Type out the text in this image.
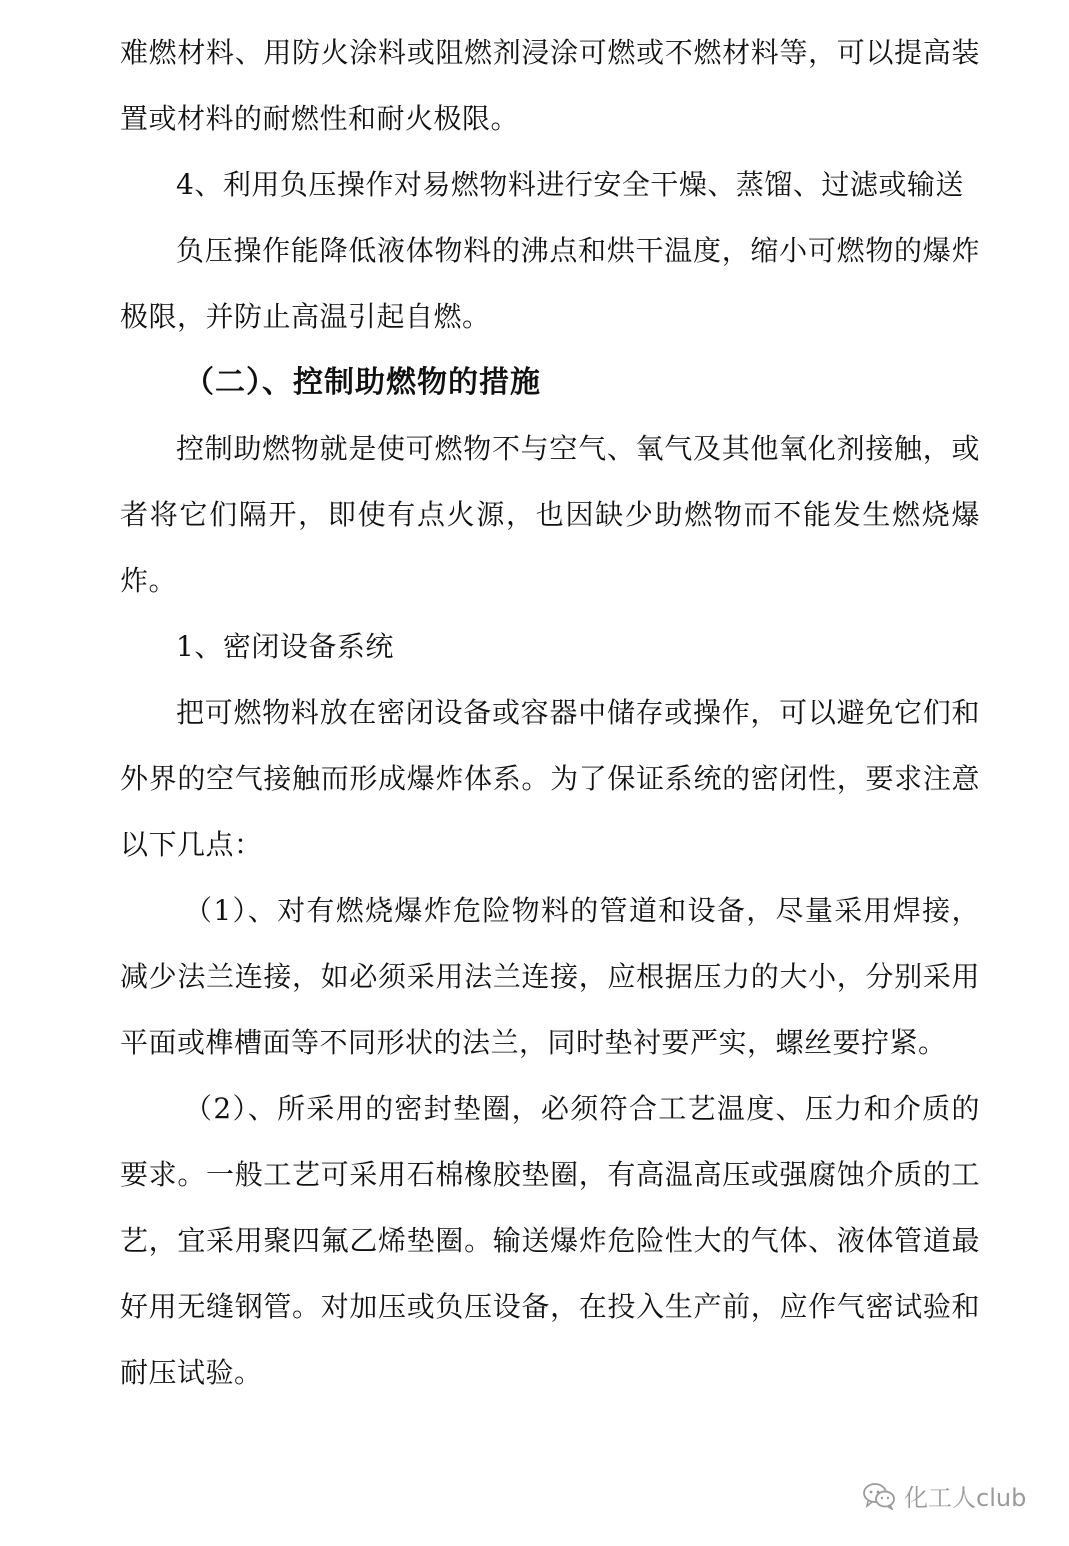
难燃材料、用防火涂料或阻燃剂浸涂可燃或不燃材料等，可以提高装置或材料的耐燃性和耐火极限。

4、利用负压操作对易燃物料进行安全干燥、蒸馏、过滤或输送

负压操作能降低液体物料的沸点和烘干温度，缩小可燃物的爆炸极限，并防止高温引起自燃。

（二）、控制助燃物的措施

控制助燃物就是使可燃物不与空气、氧气及其他氧化剂接触，或者将它们隔开，即使有点火源，也因缺少助燃物而不能发生燃烧爆炸。

1、密闭设备系统

把可燃物料放在密闭设备或容器中储存或操作，可以避免它们和外界的空气接触而形成爆炸体系。为了保证系统的密闭性，要求注意以下几点：

（1）、对有燃烧爆炸危险物料的管道和设备，尽量采用焊接，减少法兰连接，如必须采用法兰连接，应根据压力的大小，分别采用平面或榫槽面等不同形状的法兰，同时垫衬要严实，螺丝要拧紧。

（2）、所采用的密封垫圈，必须符合工艺温度、压力和介质的要求。一般工艺可采用石棉橡胶垫圈，有高温高压或强腐蚀介质的工艺，宜采用聚四氟乙烯垫圈。输送爆炸危险性大的气体、液体管道最好用无缝钢管。对加压或负压设备，在投入生产前，应作气密试验和耐压试验。

化工人club
